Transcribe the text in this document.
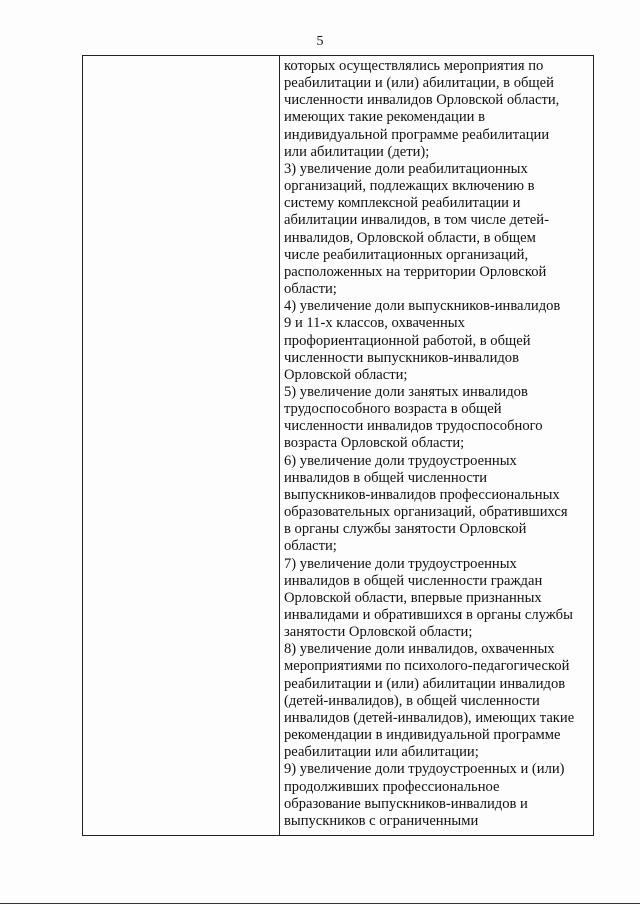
5
которых осуществлялись мероприятия по
реабилитации и (или) абилитации, в общей
численности инвалидов Орловской области,
имеющих такие рекомендации в
индивидуальной программе реабилитации
или абилитации (дети);
3) увеличение доли реабилитационных
организаций, подлежащих включению в
систему комплексной реабилитации и
абилитации инвалидов, в том числе детей-
инвалидов, Орловской области, в общем
числе реабилитационных организаций,
расположенных на территории Орловской
области;
4) увеличение доли выпускников-инвалидов
9 и 11-х классов, охваченных
профориентационной работой, в общей
численности выпускников-инвалидов
Орловской области;
5) увеличение доли занятых инвалидов
трудоспособного возраста в общей
численности инвалидов трудоспособного
возраста Орловской области;
6) увеличение доли трудоустроенных
инвалидов в общей численности
выпускников-инвалидов профессиональных
образовательных организаций, обратившихся
в органы службы занятости Орловской
области;
7) увеличение доли трудоустроенных
инвалидов в общей численности граждан
Орловской области, впервые признанных
инвалидами и обратившихся в органы службы
занятости Орловской области;
8) увеличение доли инвалидов, охваченных
мероприятиями по психолого-педагогической
реабилитации и (или) абилитации инвалидов
(детей-инвалидов), в общей численности
инвалидов (детей-инвалидов), имеющих такие
рекомендации в индивидуальной программе
реабилитации или абилитации;
9) увеличение доли трудоустроенных и (или)
продолживших профессиональное
образование выпускников-инвалидов и
выпускников с ограниченными
